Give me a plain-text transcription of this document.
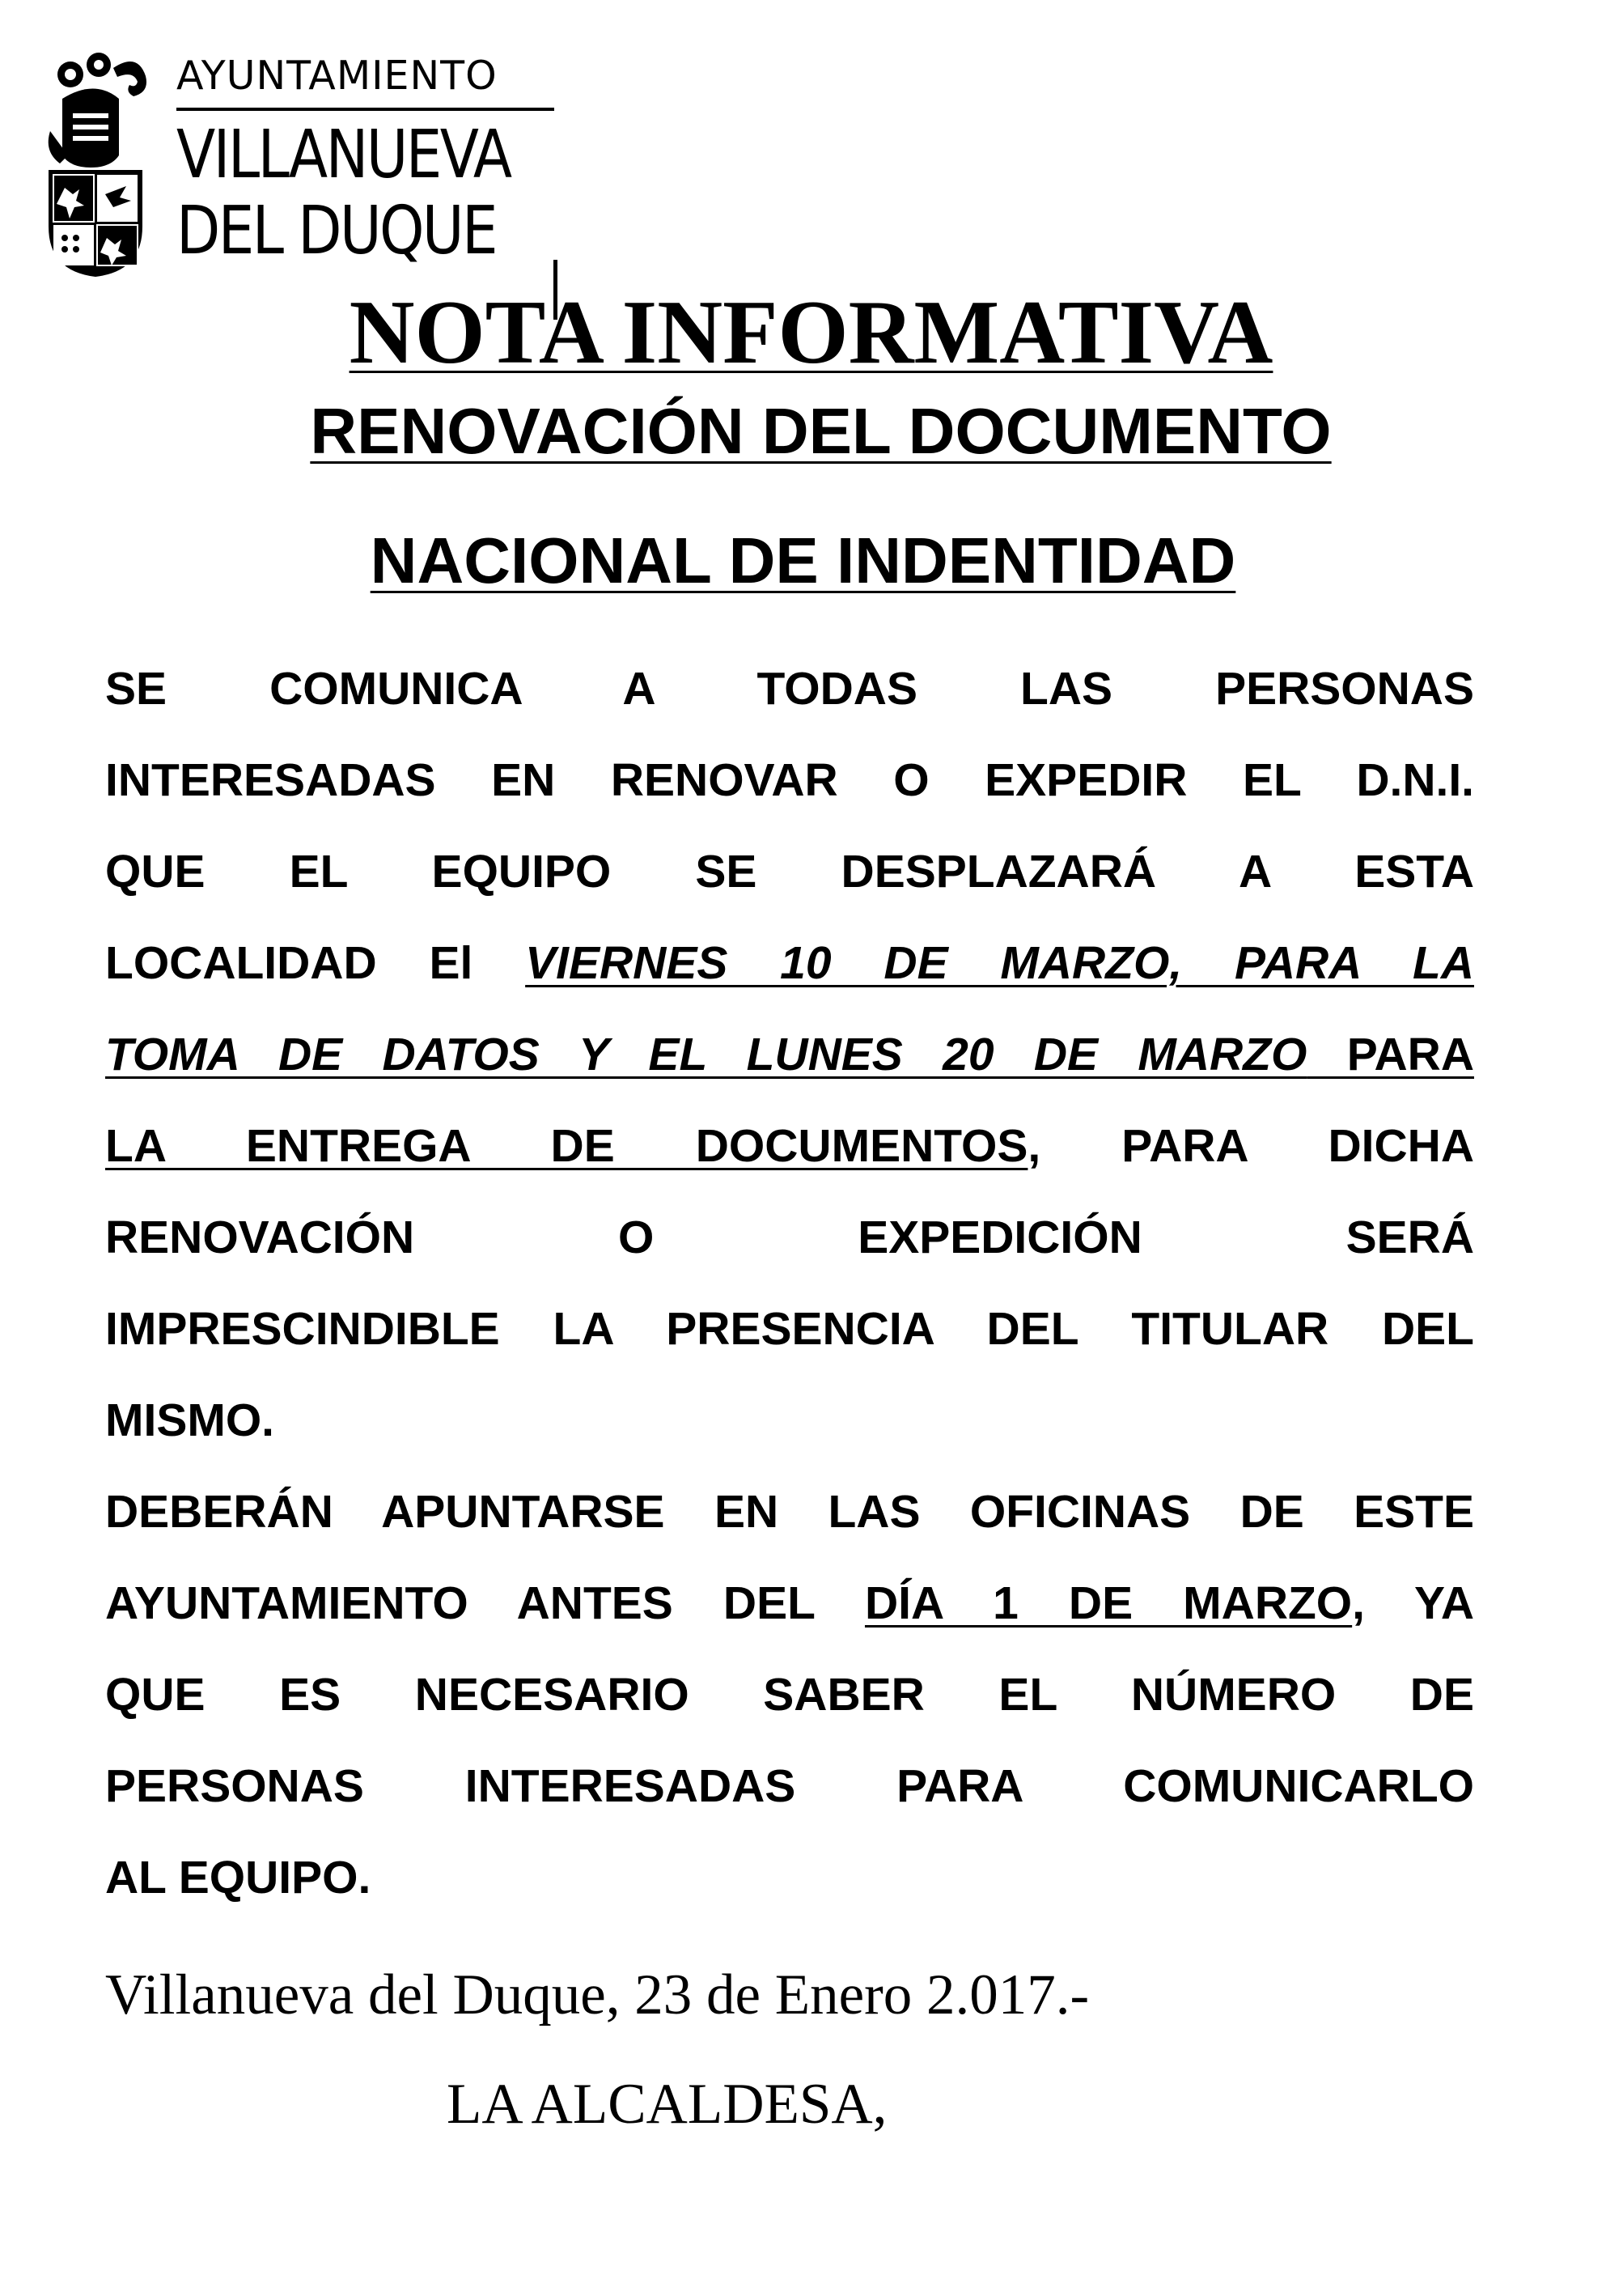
AYUNTAMIENTO
VILLANUEVA
DEL DUQUE
NOTA INFORMATIVA
RENOVACIÓN DEL DOCUMENTO
NACIONAL DE INDENTIDAD
SE COMUNICA A TODAS LAS PERSONAS
INTERESADAS EN RENOVAR O EXPEDIR EL D.N.I.
QUE EL EQUIPO SE DESPLAZARÁ A ESTA
LOCALIDAD El VIERNES 10 DE MARZO, PARA LA
TOMA DE DATOS Y EL LUNES 20 DE MARZO PARA
LA ENTREGA DE DOCUMENTOS, PARA DICHA
RENOVACIÓN O EXPEDICIÓN SERÁ
IMPRESCINDIBLE LA PRESENCIA DEL TITULAR DEL
MISMO.
DEBERÁN APUNTARSE EN LAS OFICINAS DE ESTE
AYUNTAMIENTO ANTES DEL DÍA 1 DE MARZO, YA
QUE ES NECESARIO SABER EL NÚMERO DE
PERSONAS INTERESADAS PARA COMUNICARLO
AL EQUIPO.
Villanueva del Duque, 23 de Enero 2.017.-
LA ALCALDESA,
